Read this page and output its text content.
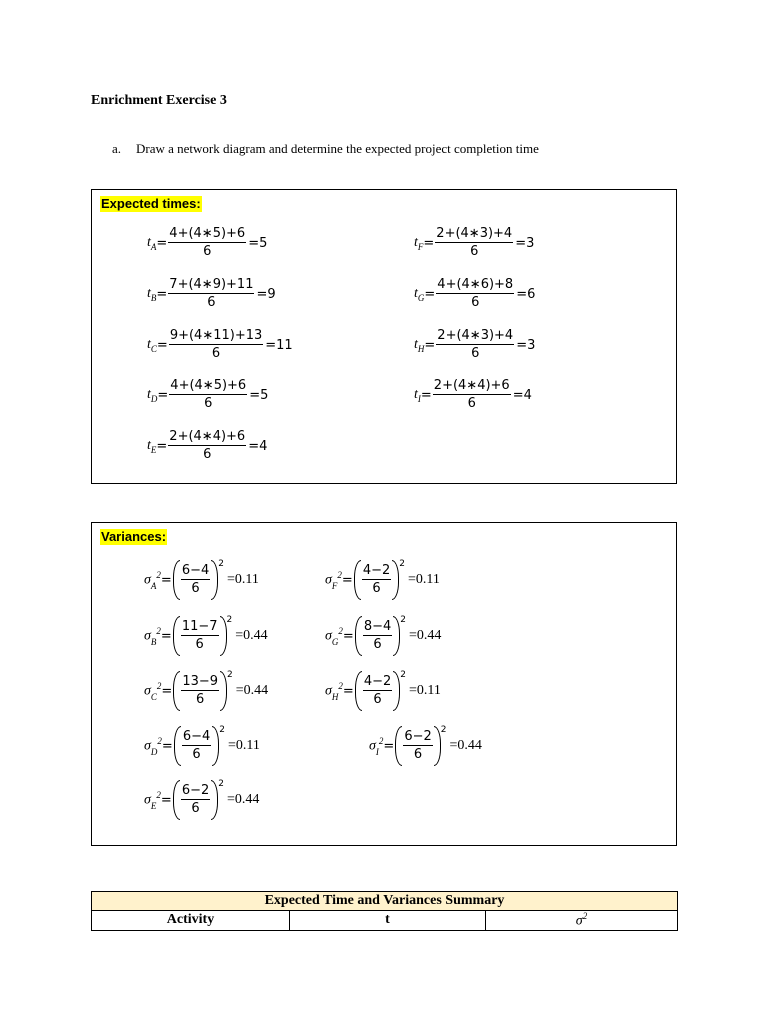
Enrichment Exercise 3
a. Draw a network diagram and determine the expected project completion time
Expected times:
$t_A = \frac{4+(4∗5)+6}{6} =5$
$t_B = \frac{7+(4∗9)+11}{6} =9$
$t_C = \frac{9+(4∗11)+13}{6} =11$
$t_D = \frac{4+(4∗5)+6}{6} =5$
$t_E = \frac{2+(4∗4)+6}{6} =4$
$t_F = \frac{2+(4∗3)+4}{6} =3$
$t_G = \frac{4+(4∗6)+8}{6} =6$
$t_H = \frac{2+(4∗3)+4}{6} =3$
$t_I = \frac{2+(4∗4)+6}{6} =4$
Variances:
$\sigma_A^2 = \frac{6-4}{6} 2$
=0.11
$\sigma_B^2 = \frac{11-7}{6} 2$
=0.44
$\sigma_C^2 = \frac{13-9}{6} 2$
=0.44
$\sigma_D^2 = \frac{6-4}{6} 2$
=0.11
$\sigma_E^2 = \frac{6-2}{6} 2$
=0.44
$\sigma_F^2 = \frac{4-2}{6} 2$
=0.11
$\sigma_G^2 = \frac{8-4}{6} 2$
=0.44
$\sigma_H^2 = \frac{4-2}{6} 2$
=0.11
$\sigma_I^2 = \frac{6-2}{6} 2$
=0.44
Expected Time and Variances Summary
Activity	t	$\sigma^2$
